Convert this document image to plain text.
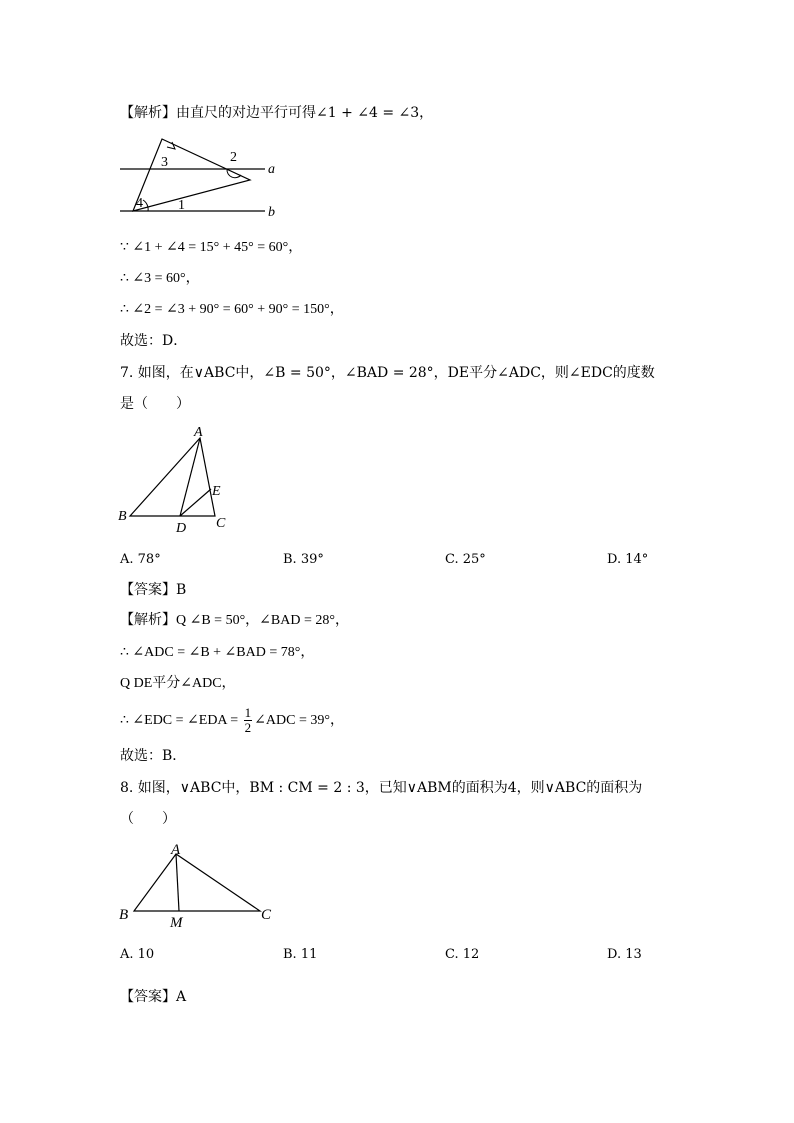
【解析】由直尺的对边平行可得∠1 + ∠4 = ∠3，
3	2
4	1
a
b
∵ ∠1 + ∠4 = 15° + 45° = 60°，
∴ ∠3 = 60°，
∴ ∠2 = ∠3 + 90° = 60° + 90° = 150°，
故选：D．
7. 如图，在∨ABC中，∠B = 50°，∠BAD = 28°，DE平分∠ADC，则∠EDC的度数
是（　　）
A
B	C
D
E
A. 78°	B. 39°	C. 25°	D. 14°
【答案】B
【解析】Q ∠B = 50°，∠BAD = 28°，
∴ ∠ADC = ∠B + ∠BAD = 78°，
Q DE平分∠ADC，
∴ ∠EDC = ∠EDA = $\frac{1}{2}$ ∠ADC = 39°，
故选：B．
8. 如图，∨ABC中，BM : CM = 2 : 3，已知∨ABM的面积为4，则∨ABC的面积为
（　　）
A
B	C
M
A. 10	B. 11	C. 12	D. 13
【答案】A
